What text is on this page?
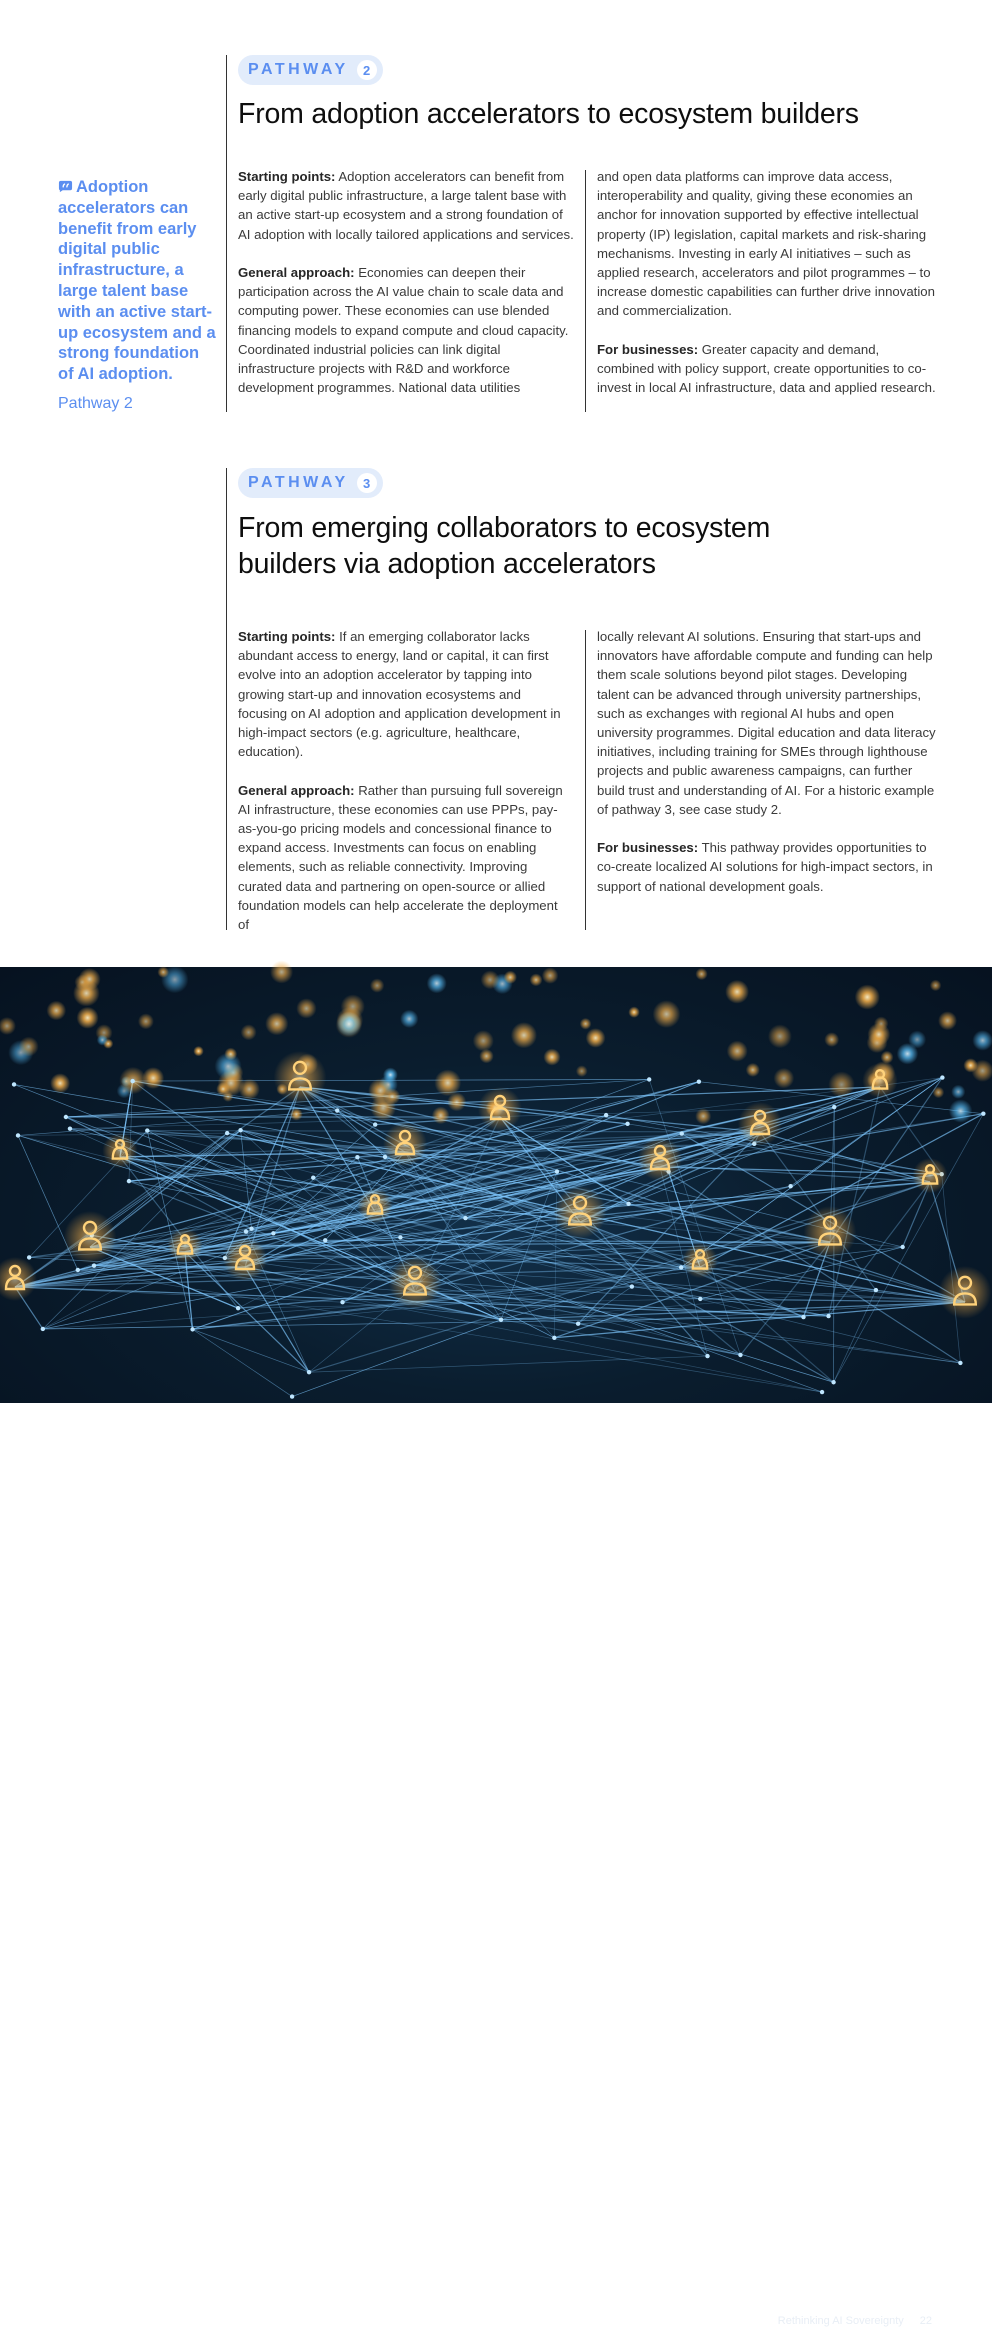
Adoption accelerators can benefit from early digital public infrastructure, a large talent base with an active start-up ecosystem and a strong foundation of AI adoption.
Pathway 2
PATHWAY	2
From adoption accelerators to ecosystem builders

Starting points: Adoption accelerators can benefit from early digital public infrastructure, a large talent base with an active start-up ecosystem and a strong foundation of AI adoption with locally tailored applications and services.

General approach: Economies can deepen their participation across the AI value chain to scale data and computing power. These economies can use blended financing models to expand compute and cloud capacity. Coordinated industrial policies can link digital infrastructure projects with R&D and workforce development programmes. National data utilities

and open data platforms can improve data access, interoperability and quality, giving these economies an anchor for innovation supported by effective intellectual property (IP) legislation, capital markets and risk-sharing mechanisms. Investing in early AI initiatives – such as applied research, accelerators and pilot programmes – to increase domestic capabilities can further drive innovation and commercialization.

For businesses: Greater capacity and demand, combined with policy support, create opportunities to co-invest in local AI infrastructure, data and applied research.

PATHWAY	3
From emerging collaborators to ecosystem
builders via adoption accelerators

Starting points: If an emerging collaborator lacks abundant access to energy, land or capital, it can first evolve into an adoption accelerator by tapping into growing start-up and innovation ecosystems and focusing on AI adoption and application development in high-impact sectors (e.g. agriculture, healthcare, education).

General approach: Rather than pursuing full sovereign AI infrastructure, these economies can use PPPs, pay-as-you-go pricing models and concessional finance to expand access. Investments can focus on enabling elements, such as reliable connectivity. Improving curated data and partnering on open-source or allied foundation models can help accelerate the deployment of

locally relevant AI solutions. Ensuring that start-ups and innovators have affordable compute and funding can help them scale solutions beyond pilot stages. Developing talent can be advanced through university partnerships, such as exchanges with regional AI hubs and open university programmes. Digital education and data literacy initiatives, including training for SMEs through lighthouse projects and public awareness campaigns, can further build trust and understanding of AI. For a historic example of pathway 3, see case study 2.

For businesses: This pathway provides opportunities to co-create localized AI solutions for high-impact sectors, in support of national development goals.

Rethinking AI Sovereignty 22
